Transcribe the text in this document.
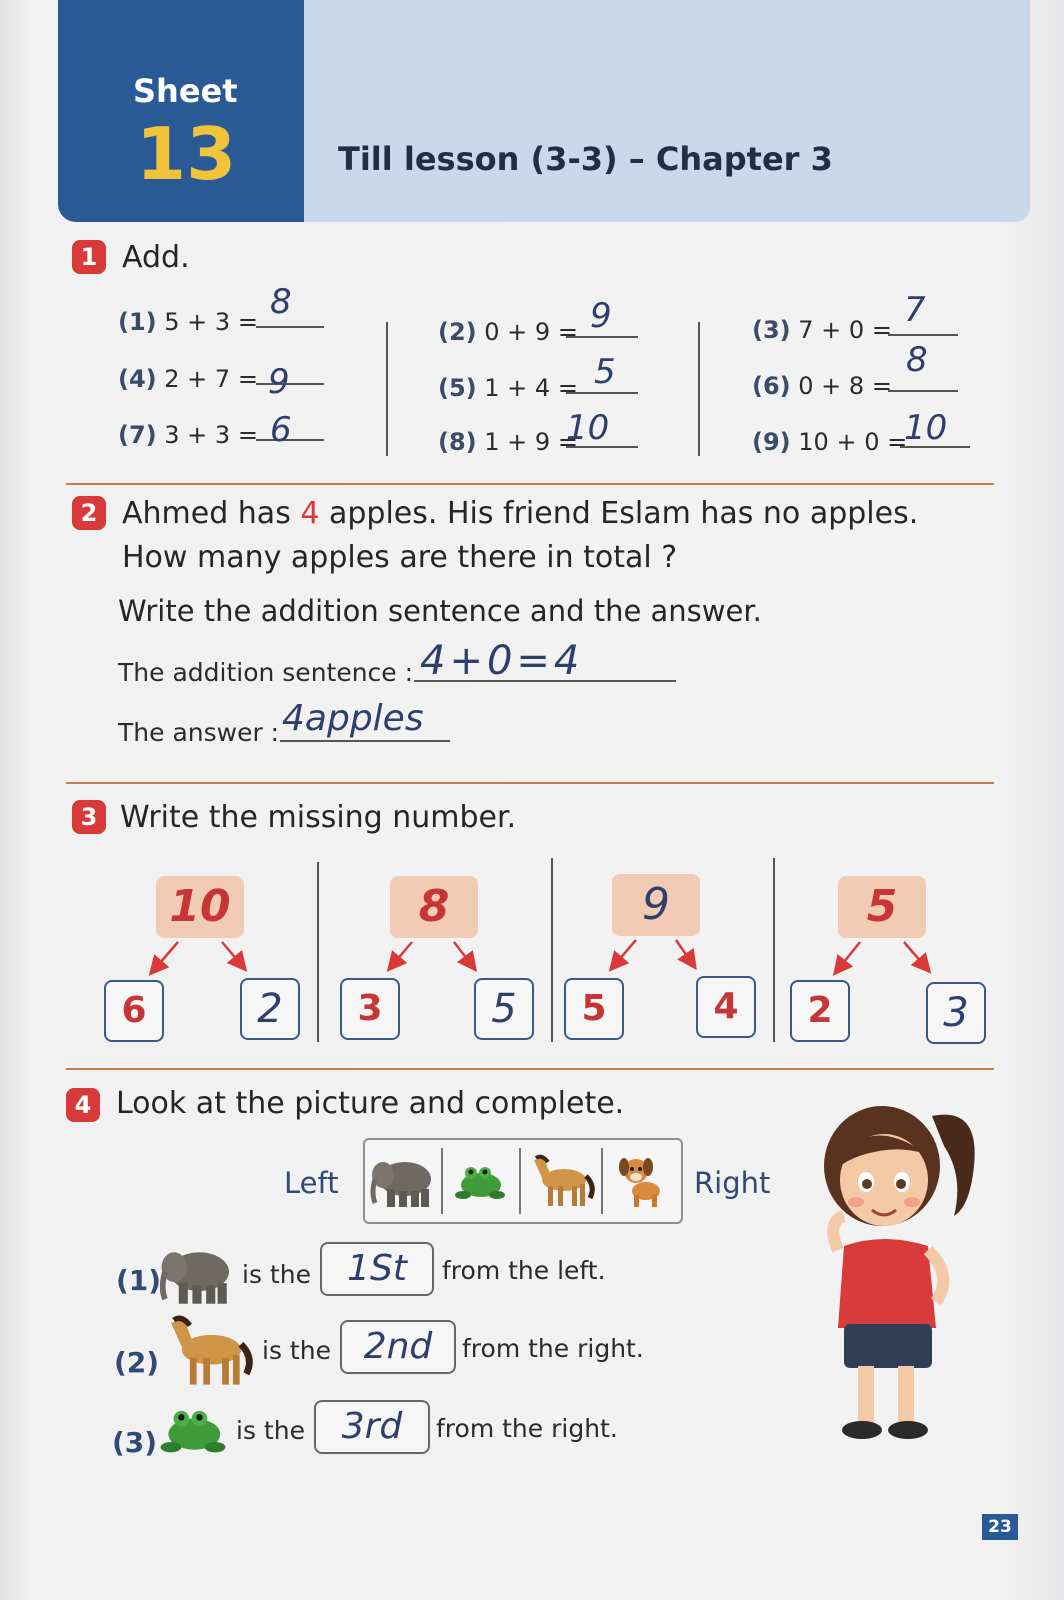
Sheet
13	Till lesson (3-3) – Chapter 3
1 Add.
(1) 5 + 3 = 8
(4) 2 + 7 = 9
(7) 3 + 3 = 6
(2) 0 + 9 = 9
(5) 1 + 4 = 5
(8) 1 + 9 =
10
(3) 7 + 0 = 7
(6) 0 + 8 =
8
(9) 10 + 0 =
10
2 Ahmed has 4 apples. His friend Eslam has no apples.
How many apples are there in total ?
Write the addition sentence and the answer.
The addition sentence : 4+0=4
The answer : 4apples
3 Write the missing number.
10
6	2
8
3	5
9
5	4
5
2	3
4 Look at the picture and complete.
Left	Right
(1)	is the	1St	from the left.
(2)	is the 2nd	from the right.
(3)	is the	3rd	from the right.
23
